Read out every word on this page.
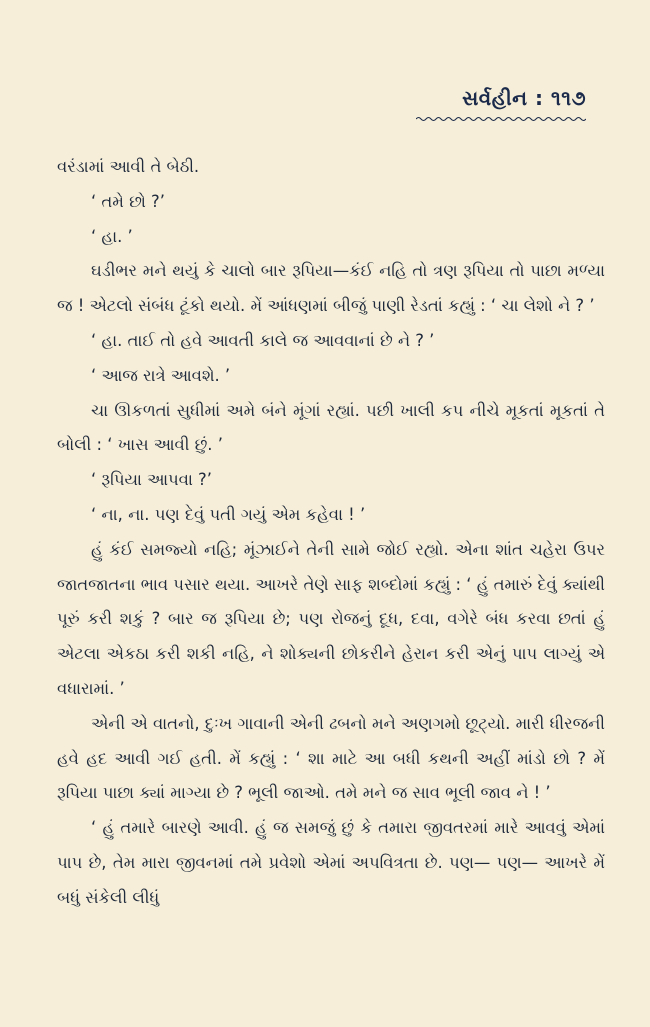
સર્વહીન : ૧૧૭

વરંડામાં આવી તે બેઠી.

‘ તમે છો ?’

‘ હા. ’

ઘડીભર મને થયું કે ચાલો બાર રૂપિયા—કંઈ નહિ તો ત્રણ રૂપિયા તો પાછા મળ્યા જ ! એટલો સંબંધ ટૂંકો થયો. મેં આંધણમાં બીજું પાણી રેડતાં કહ્યું : ‘ ચા લેશો ને ? ’

‘ હા. તાઈ તો હવે આવતી કાલે જ આવવાનાં છે ને ? ’

‘ આજ રાત્રે આવશે. ’

ચા ઊકળતાં સુધીમાં અમે બંને મૂંગાં રહ્યાં. પછી ખાલી કપ નીચે મૂકતાં મૂકતાં તે બોલી : ‘ ખાસ આવી છું. ’

‘ રૂપિયા આપવા ?’

‘ ના, ના. પણ દેવું પતી ગયું એમ કહેવા ! ’

હું કંઈ સમજ્યો નહિ; મૂંઝાઈને તેની સામે જોઈ રહ્યો. એના શાંત ચહેરા ઉપર જાતજાતના ભાવ પસાર થયા. આખરે તેણે સાફ શબ્દોમાં કહ્યું : ‘ હું તમારું દેવું ક્યાંથી પૂરું કરી શકું ? બાર જ રૂપિયા છે; પણ રોજનું દૂધ, દવા, વગેરે બંધ કરવા છતાં હું એટલા એકઠા કરી શકી નહિ, ને શોક્યની છોકરીને હેરાન કરી એનું પાપ લાગ્યું એ વધારામાં. ’

એની એ વાતનો, દુઃખ ગાવાની એની ઢબનો મને અણગમો છૂટ્યો. મારી ધીરજની હવે હદ આવી ગઈ હતી. મેં કહ્યું : ‘ શા માટે આ બધી કથની અહીં માંડો છો ? મેં રૂપિયા પાછા ક્યાં માગ્યા છે ? ભૂલી જાઓ. તમે મને જ સાવ ભૂલી જાવ ને ! ’

‘ હું તમારે બારણે આવી. હું જ સમજું છું કે તમારા જીવતરમાં મારે આવવું એમાં પાપ છે, તેમ મારા જીવનમાં તમે પ્રવેશો એમાં અપવિત્રતા છે. પણ— પણ— આખરે મેં બધું સંકેલી લીધું
